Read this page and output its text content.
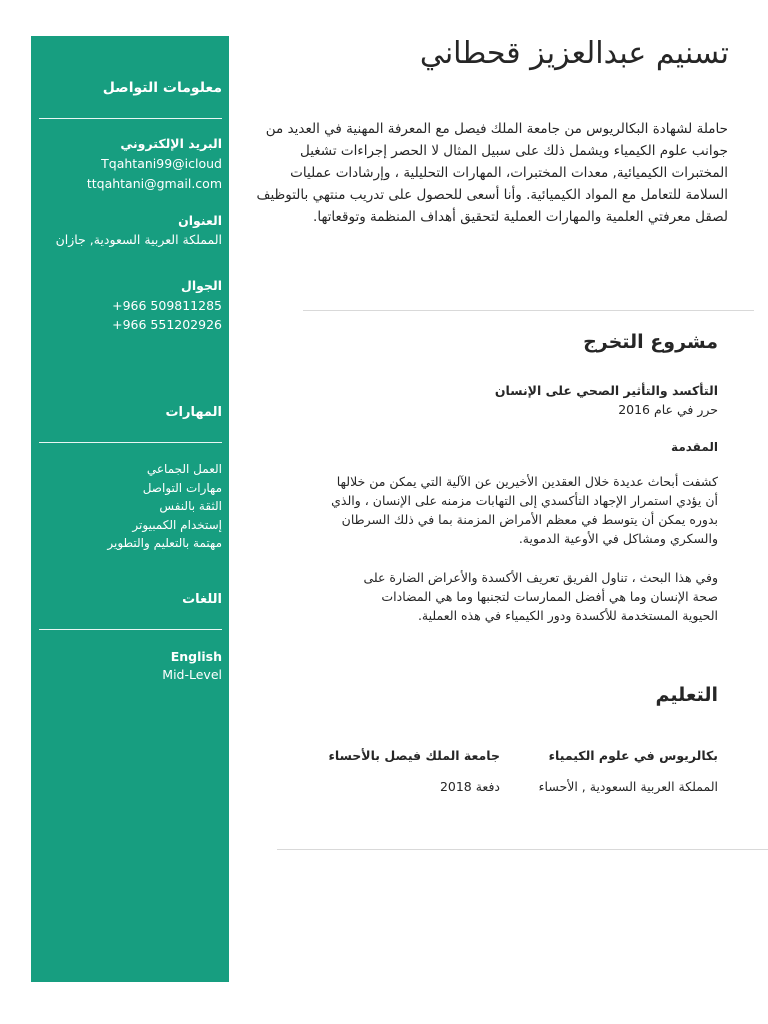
معلومات التواصل
البريد الإلكتروني
Tqahtani99@icloud
ttqahtani@gmail.com
العنوان
المملكة العربية السعودية, جازان
الجوال
+966 509811285
+966 551202926
المهارات
العمل الجماعي
مهارات التواصل
الثقة بالنفس
إستخدام الكمبيوتر
مهتمة بالتعليم والتطوير
اللغات
English
Mid-Level
تسنيم عبدالعزيز قحطاني
حاملة لشهادة البكالريوس من جامعة الملك فيصل مع المعرفة المهنية في العديد من جوانب علوم الكيمياء ويشمل ذلك على سبيل المثال لا الحصر إجراءات تشغيل المختبرات الكيميائية, معدات المختبرات، المهارات التحليلية ، وإرشادات عمليات السلامة للتعامل مع المواد الكيميائية. وأنا أسعى للحصول على تدريب منتهي بالتوظيف لصقل معرفتي العلمية والمهارات العملية لتحقيق أهداف المنظمة وتوقعاتها.
مشروع التخرج
التأكسد والتأثير الصحي على الإنسان
حرر في عام 2016
المقدمة
كشفت أبحاث عديدة خلال العقدين الأخيرين عن الآلية التي يمكن من خلالها أن يؤدي استمرار الإجهاد التأكسدي إلى التهابات مزمنه على الإنسان ، والذي بدوره يمكن أن يتوسط في معظم الأمراض المزمنة بما في ذلك السرطان والسكري ومشاكل في الأوعية الدموية.
وفي هذا البحث ، تناول الفريق تعريف الأكسدة والأعراض الضارة على صحة الإنسان وما هي أفضل الممارسات لتجنبها وما هي المضادات الحيوية المستخدمة للأكسدة ودور الكيمياء في هذه العملية.
التعليم
بكالريوس في علوم الكيمياء
جامعة الملك فيصل بالأحساء
المملكة العربية السعودية , الأحساء
دفعة 2018
